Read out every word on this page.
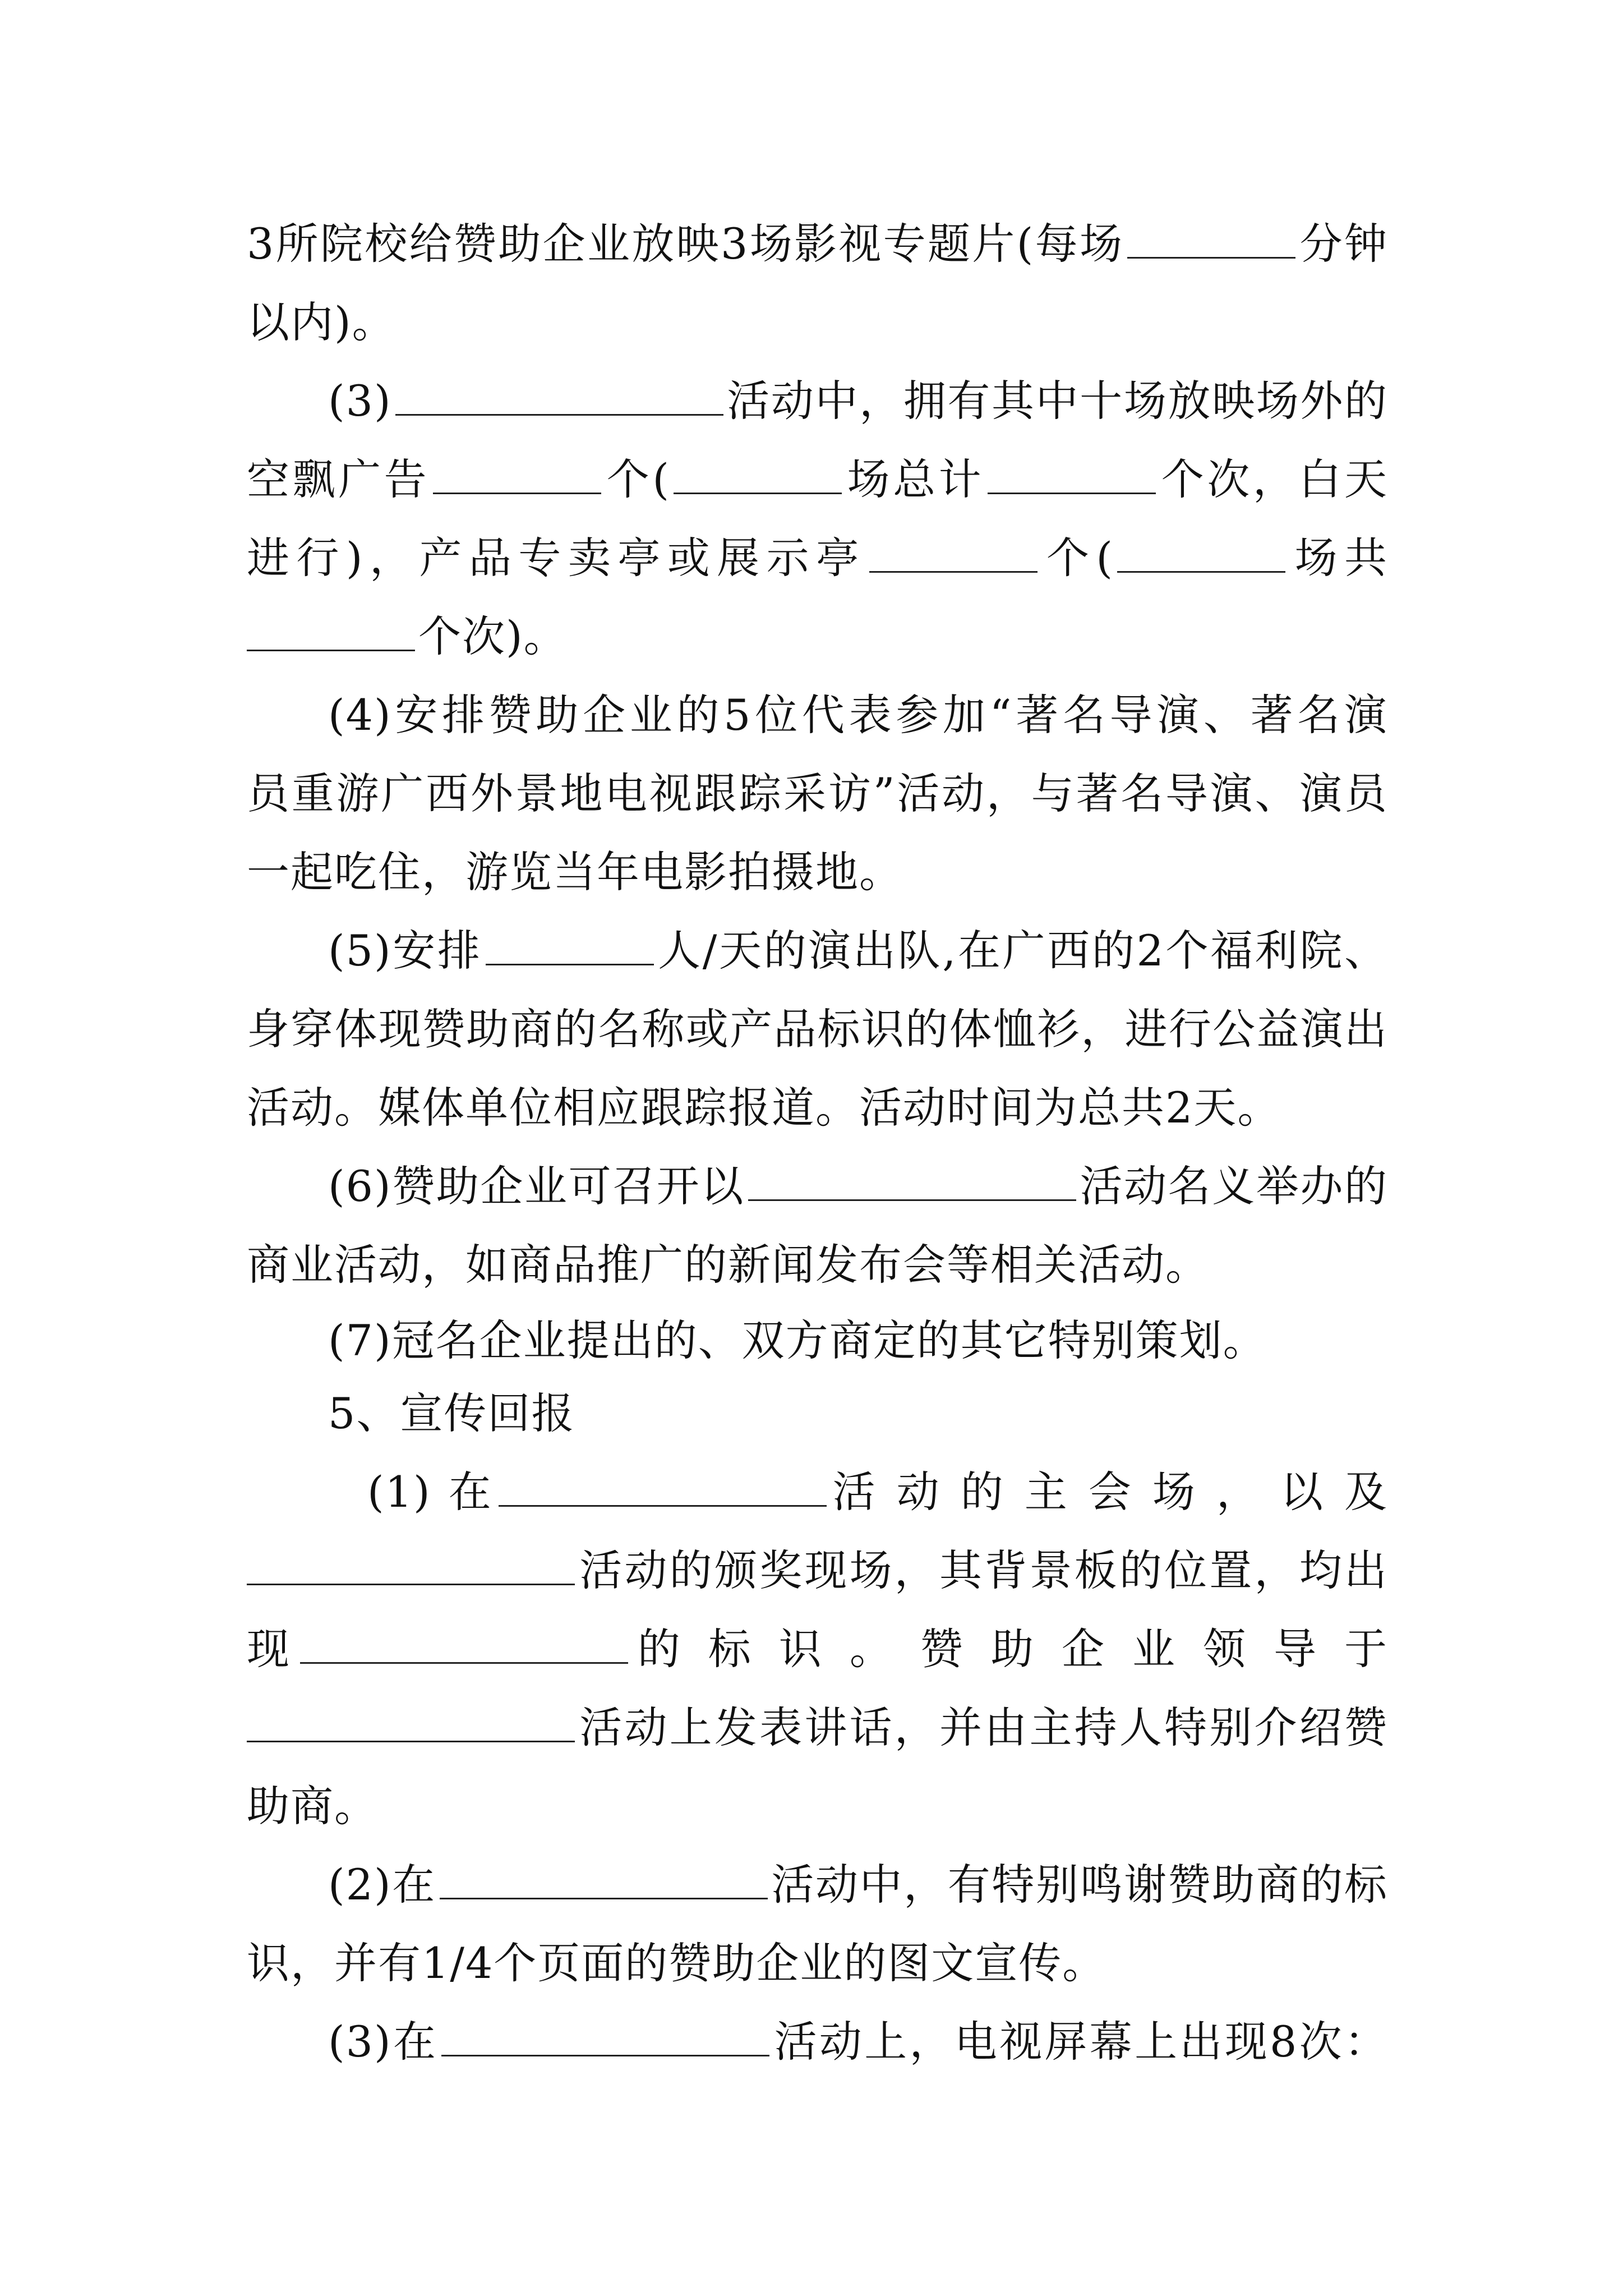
3所院校给赞助企业放映3场影视专题片(每场	分钟
以内)。
(3)	活动中，拥有其中十场放映场外的
空飘广告	个(	场总计	个次，白天
进行)，产品专卖亭或展示亭	个(	场共
个次)。
(4)安排赞助企业的5位代表参加“著名导演、著名演
员重游广西外景地电视跟踪采访”活动，与著名导演、演员
一起吃住，游览当年电影拍摄地。
(5)安排	人/天的演出队,在广西的2个福利院、
身穿体现赞助商的名称或产品标识的体恤衫，进行公益演出
活动。媒体单位相应跟踪报道。活动时间为总共2天。
(6)赞助企业可召开以	活动名义举办的
商业活动，如商品推广的新闻发布会等相关活动。
(7)冠名企业提出的、双方商定的其它特别策划。
5、宣传回报
(1) 在	活 动 的 主 会 场 ， 以 及
活动的颁奖现场，其背景板的位置，均出
现	的 标 识 。 赞 助 企 业 领 导 于
活动上发表讲话，并由主持人特别介绍赞
助商。
(2)在	活动中，有特别鸣谢赞助商的标
识，并有1/4个页面的赞助企业的图文宣传。
(3)在	活动上，电视屏幕上出现8次：
